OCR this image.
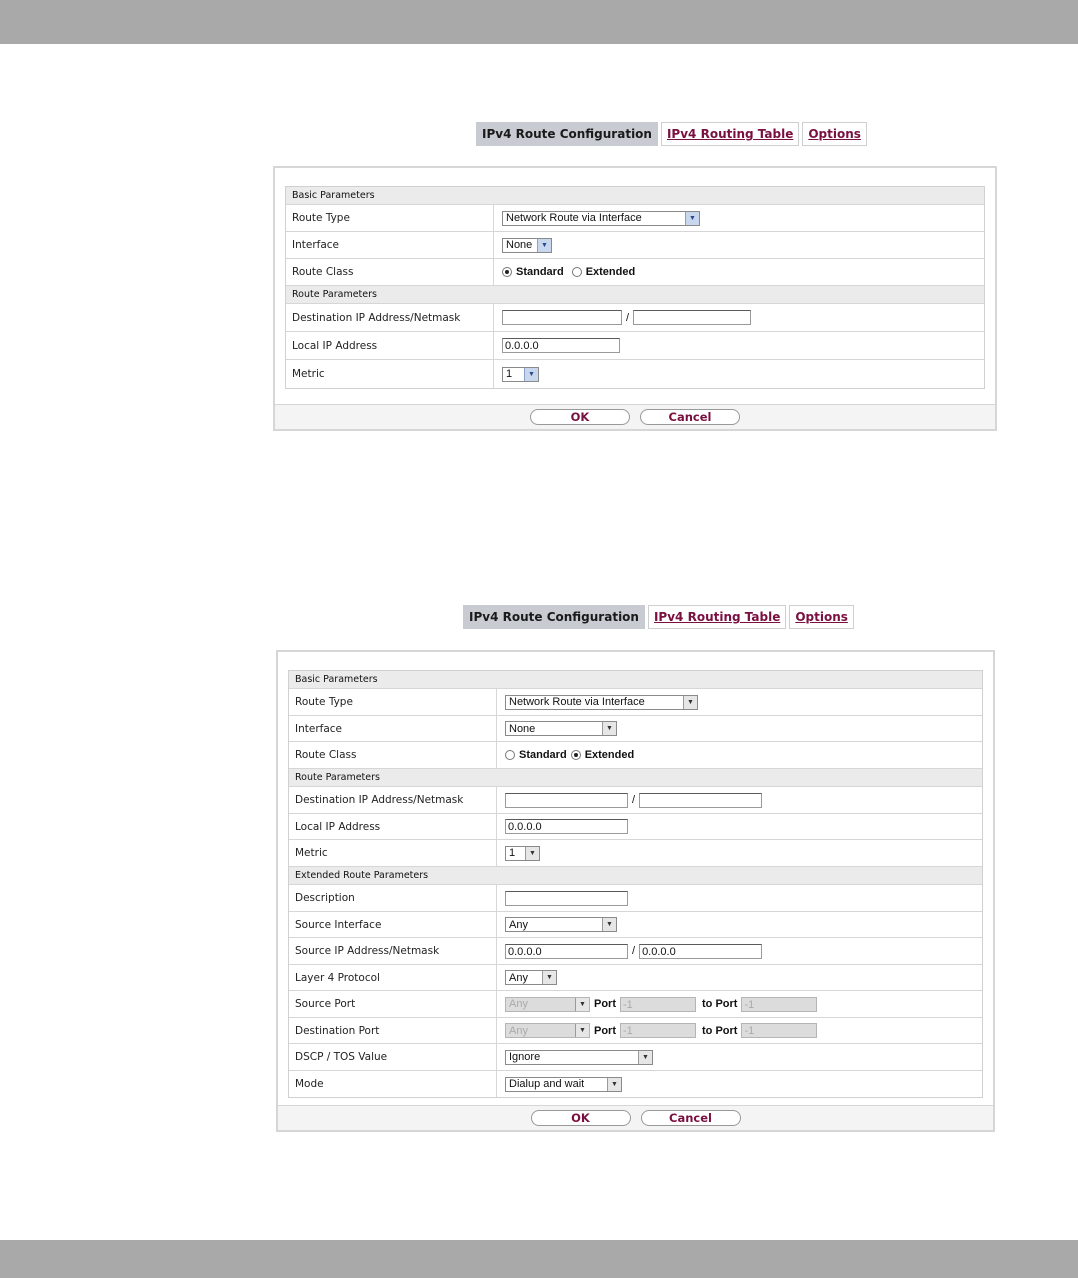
IPv4 Route Configuration	IPv4 Routing Table	Options
Basic Parameters
Route Type	Network Route via Interface	▼
Interface	None	▼
Route Class	Standard Extended
Route Parameters
Destination IP Address/Netmask	/
Local IP Address	0.0.0.0
Metric	1	▼
OK	Cancel
IPv4 Route Configuration	IPv4 Routing Table	Options
Basic Parameters
Route Type	Network Route via Interface	▼
Interface	None	▼
Route Class	Standard Extended
Route Parameters
Destination IP Address/Netmask	/
Local IP Address	0.0.0.0
Metric	1	▼
Extended Route Parameters
Description
Source Interface	Any	▼
Source IP Address/Netmask	0.0.0.0	/ 0.0.0.0
Layer 4 Protocol	Any	▼
Source Port	Any	▼ Port -1	to Port -1
Destination Port	Any	▼ Port -1	to Port -1
DSCP / TOS Value	Ignore	▼
Mode	Dialup and wait	▼
OK	Cancel
